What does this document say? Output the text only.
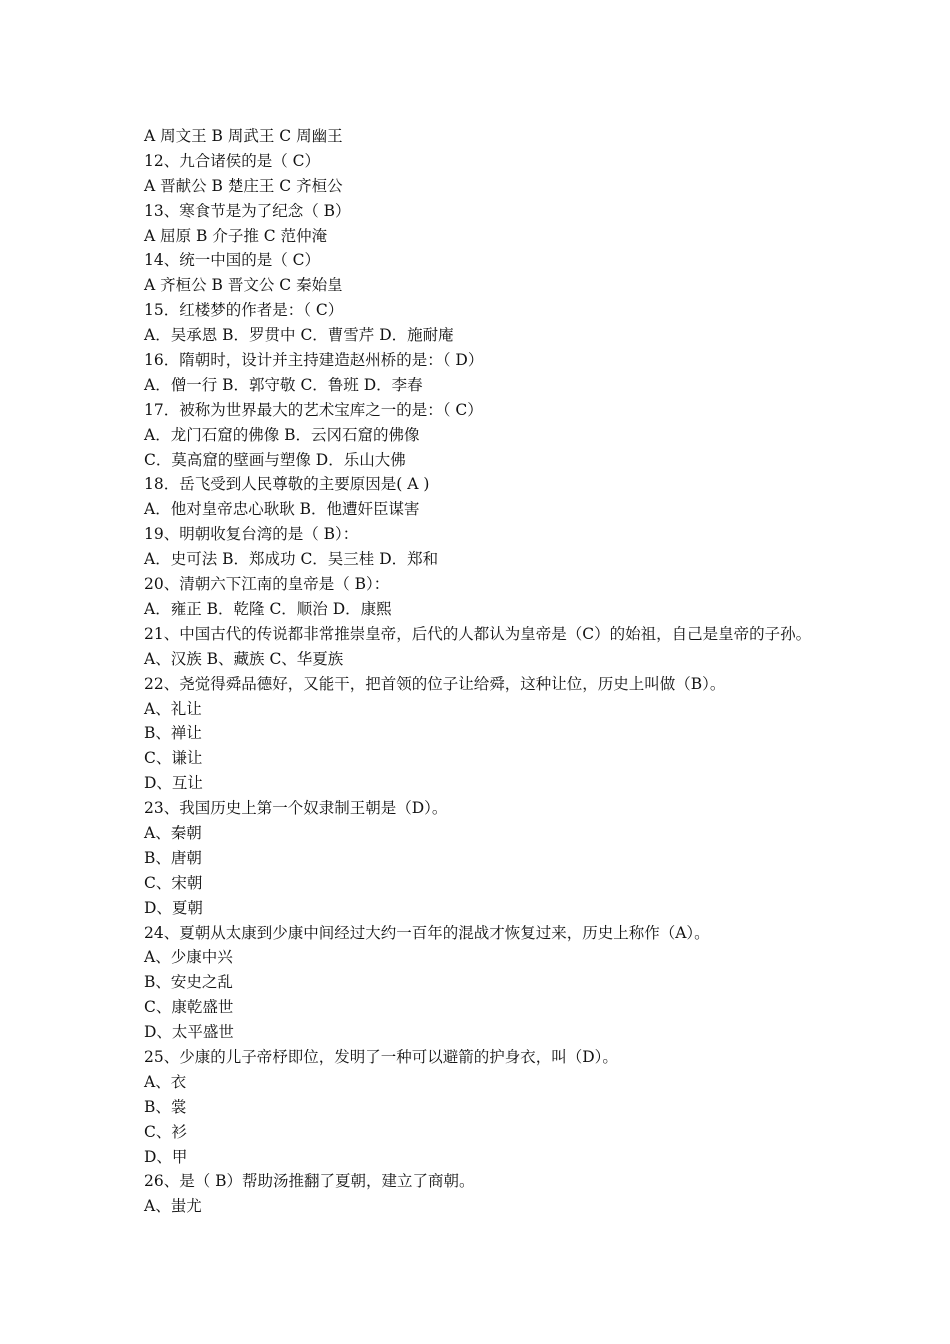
A 周文王 B 周武王 C 周幽王
12、九合诸侯的是（ C）
A 晋献公 B 楚庄王 C 齐桓公
13、寒食节是为了纪念（ B）
A 屈原 B 介子推 C 范仲淹
14、统一中国的是（ C）
A 齐桓公 B 晋文公 C 秦始皇
15．红楼梦的作者是：（ C）
A．吴承恩 B．罗贯中 C．曹雪芹 D．施耐庵
16．隋朝时，设计并主持建造赵州桥的是：（ D）
A．僧一行 B．郭守敬 C．鲁班 D．李春
17．被称为世界最大的艺术宝库之一的是：（ C）
A．龙门石窟的佛像 B．云冈石窟的佛像
C．莫高窟的壁画与塑像 D．乐山大佛
18．岳飞受到人民尊敬的主要原因是( A )
A．他对皇帝忠心耿耿 B．他遭奸臣谋害
19、明朝收复台湾的是（ B）：
A．史可法 B．郑成功 C．吴三桂 D．郑和
20、清朝六下江南的皇帝是（ B）：
A．雍正 B．乾隆 C．顺治 D．康熙
21、中国古代的传说都非常推崇皇帝，后代的人都认为皇帝是（C）的始祖，自己是皇帝的子孙。
A、汉族 B、藏族 C、华夏族
22、尧觉得舜品德好，又能干，把首领的位子让给舜，这种让位，历史上叫做（B）。
A、礼让
B、禅让
C、谦让
D、互让
23、我国历史上第一个奴隶制王朝是（D）。
A、秦朝
B、唐朝
C、宋朝
D、夏朝
24、夏朝从太康到少康中间经过大约一百年的混战才恢复过来，历史上称作（A）。
A、少康中兴
B、安史之乱
C、康乾盛世
D、太平盛世
25、少康的儿子帝杼即位，发明了一种可以避箭的护身衣，叫（D）。
A、衣
B、裳
C、衫
D、甲
26、是（ B）帮助汤推翻了夏朝，建立了商朝。
A、蚩尤
